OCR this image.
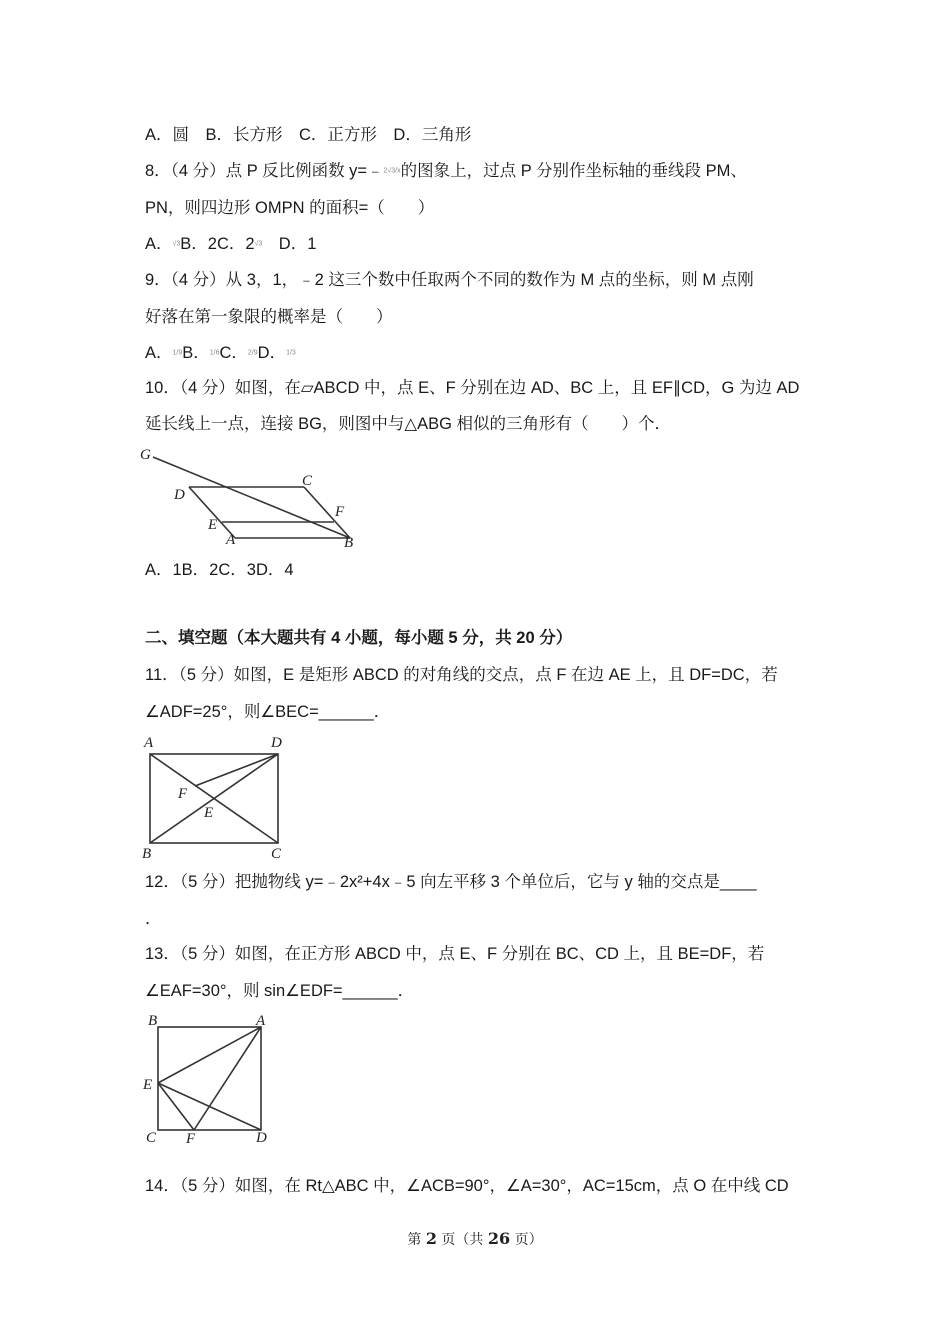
A．圆　B．长方形　C．正方形　D．三角形
8．（4 分）点 P 反比例函数 y=﹣2√3/x的图象上，过点 P 分别作坐标轴的垂线段 PM、
PN，则四边形 OMPN 的面积=（　　）
A．√3B．2C．2√3　D．1
9．（4 分）从 3，1，﹣2 这三个数中任取两个不同的数作为 M 点的坐标，则 M 点刚
好落在第一象限的概率是（　　）
A．1/9B．1/6C．2/9D．1/3
10．（4 分）如图，在▱ABCD 中，点 E、F 分别在边 AD、BC 上，且 EF∥CD，G 为边 AD
延长线上一点，连接 BG，则图中与△ABG 相似的三角形有（　　）个．
G
D
C
E
F
A	B
A．1B．2C．3D．4
二、填空题（本大题共有 4 小题，每小题 5 分，共 20 分）
11．（5 分）如图，E 是矩形 ABCD 的对角线的交点，点 F 在边 AE 上，且 DF=DC，若
∠ADF=25°，则∠BEC=______．
A	D
F
E
B	C
12．（5 分）把抛物线 y=﹣2x²+4x﹣5 向左平移 3 个单位后，它与 y 轴的交点是____
．
13．（5 分）如图，在正方形 ABCD 中，点 E、F 分别在 BC、CD 上，且 BE=DF，若
∠EAF=30°，则 sin∠EDF=______．
B	A
E
C F	D
14．（5 分）如图，在 Rt△ABC 中，∠ACB=90°，∠A=30°，AC=15cm，点 O 在中线 CD
第 2 页（共 26 页）
